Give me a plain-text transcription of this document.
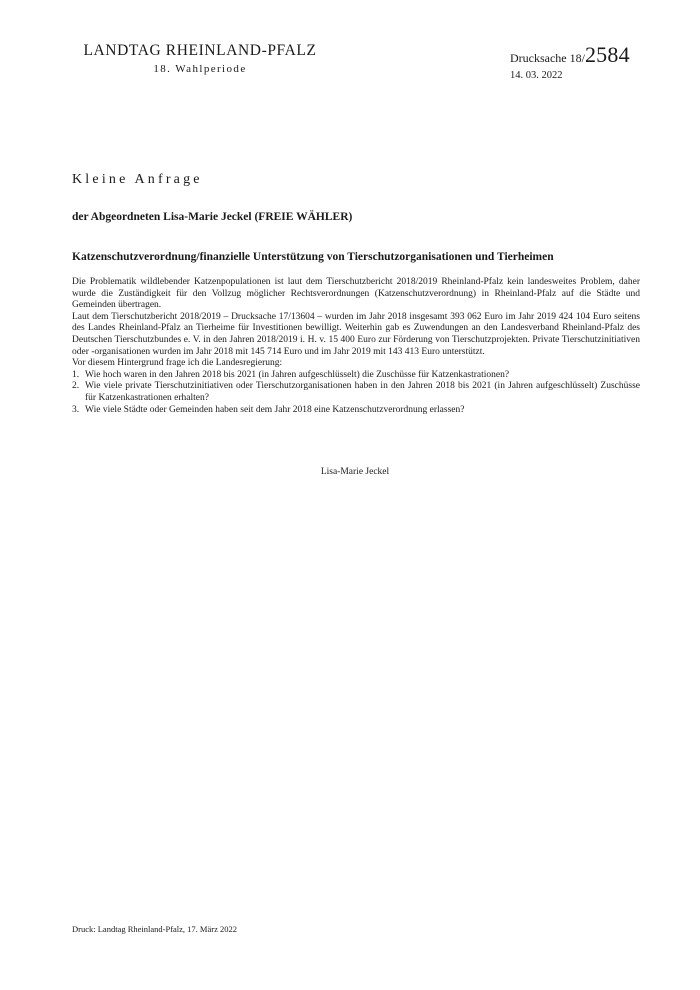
LANDTAG RHEINLAND-PFALZ
18. Wahlperiode
Drucksache 18/2584
14. 03. 2022
Kleine Anfrage
der Abgeordneten Lisa-Marie Jeckel (FREIE WÄHLER)
Katzenschutzverordnung/finanzielle Unterstützung von Tierschutzorganisationen und Tierheimen

Die Problematik wildlebender Katzenpopulationen ist laut dem Tierschutzbericht 2018/2019 Rheinland-Pfalz kein landesweites Problem, daher wurde die Zuständigkeit für den Vollzug möglicher Rechtsverordnungen (Katzenschutzverordnung) in Rheinland-Pfalz auf die Städte und Gemeinden übertragen.

Laut dem Tierschutzbericht 2018/2019 – Drucksache 17/13604 – wurden im Jahr 2018 insgesamt 393 062 Euro im Jahr 2019 424 104 Euro seitens des Landes Rheinland-Pfalz an Tierheime für Investitionen bewilligt. Weiterhin gab es Zuwendungen an den Landesverband Rheinland-Pfalz des Deutschen Tierschutzbundes e. V. in den Jahren 2018/2019 i. H. v. 15 400 Euro zur Förderung von Tierschutzprojekten. Private Tierschutzinitiativen oder -organisationen wurden im Jahr 2018 mit 145 714 Euro und im Jahr 2019 mit 143 413 Euro unterstützt.

Vor diesem Hintergrund frage ich die Landesregierung:

1. Wie hoch waren in den Jahren 2018 bis 2021 (in Jahren aufgeschlüsselt) die Zuschüsse für Katzenkastrationen?
2. Wie viele private Tierschutzinitiativen oder Tierschutzorganisationen haben in den Jahren 2018 bis 2021 (in Jahren aufgeschlüsselt) Zuschüsse für Katzenkastrationen erhalten?
3. Wie viele Städte oder Gemeinden haben seit dem Jahr 2018 eine Katzenschutzverordnung erlassen?
Lisa-Marie Jeckel
Druck: Landtag Rheinland-Pfalz, 17. März 2022
